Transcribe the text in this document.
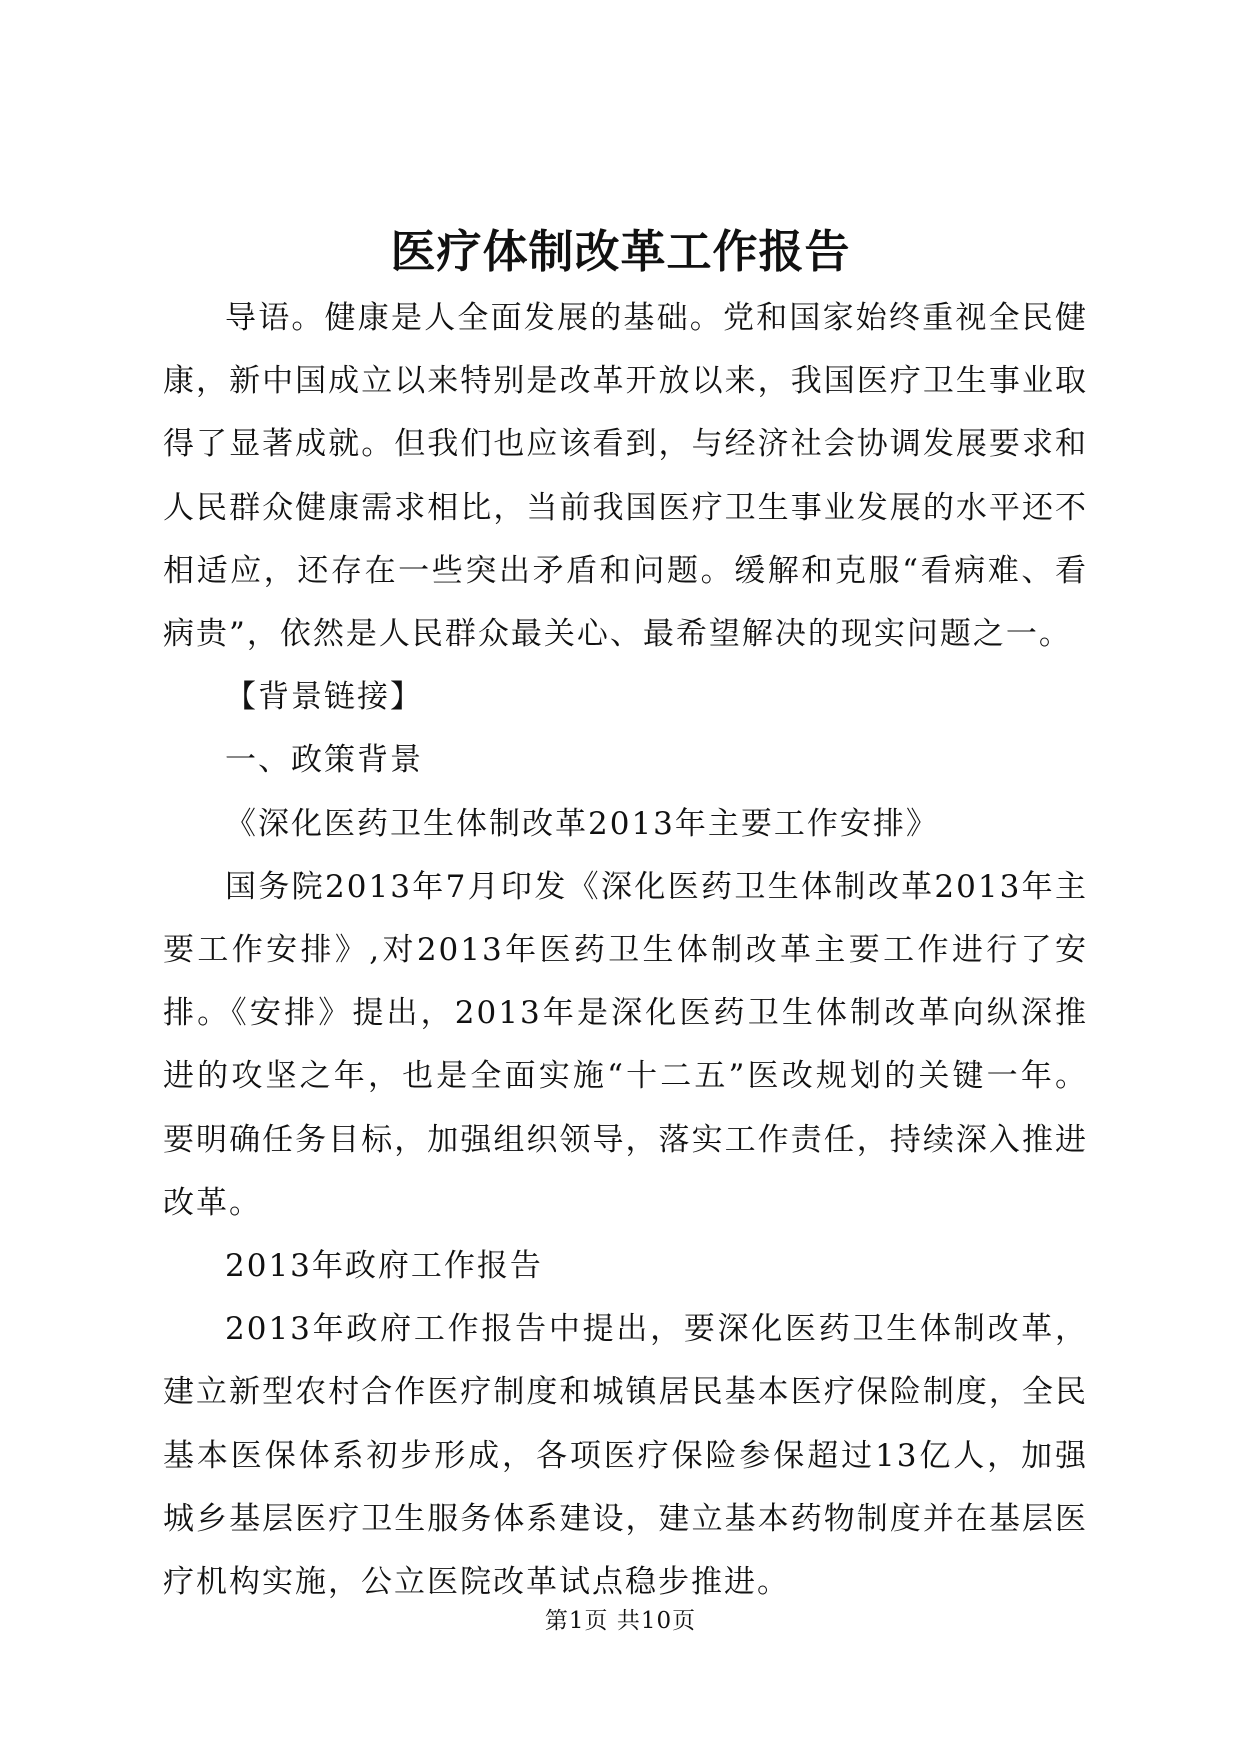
医疗体制改革工作报告

导语。健康是人全面发展的基础。党和国家始终重视全民健康，新中国成立以来特别是改革开放以来，我国医疗卫生事业取得了显著成就。但我们也应该看到，与经济社会协调发展要求和人民群众健康需求相比，当前我国医疗卫生事业发展的水平还不相适应，还存在一些突出矛盾和问题。缓解和克服“看病难、看病贵”，依然是人民群众最关心、最希望解决的现实问题之一。

【背景链接】

一、政策背景

《深化医药卫生体制改革2013年主要工作安排》

国务院2013年7月印发《深化医药卫生体制改革2013年主要工作安排》,对2013年医药卫生体制改革主要工作进行了安排。《安排》提出，2013年是深化医药卫生体制改革向纵深推进的攻坚之年，也是全面实施“十二五”医改规划的关键一年。要明确任务目标，加强组织领导，落实工作责任，持续深入推进改革。

2013年政府工作报告

2013年政府工作报告中提出，要深化医药卫生体制改革，建立新型农村合作医疗制度和城镇居民基本医疗保险制度，全民基本医保体系初步形成，各项医疗保险参保超过13亿人，加强城乡基层医疗卫生服务体系建设，建立基本药物制度并在基层医疗机构实施，公立医院改革试点稳步推进。

第1页 共10页
